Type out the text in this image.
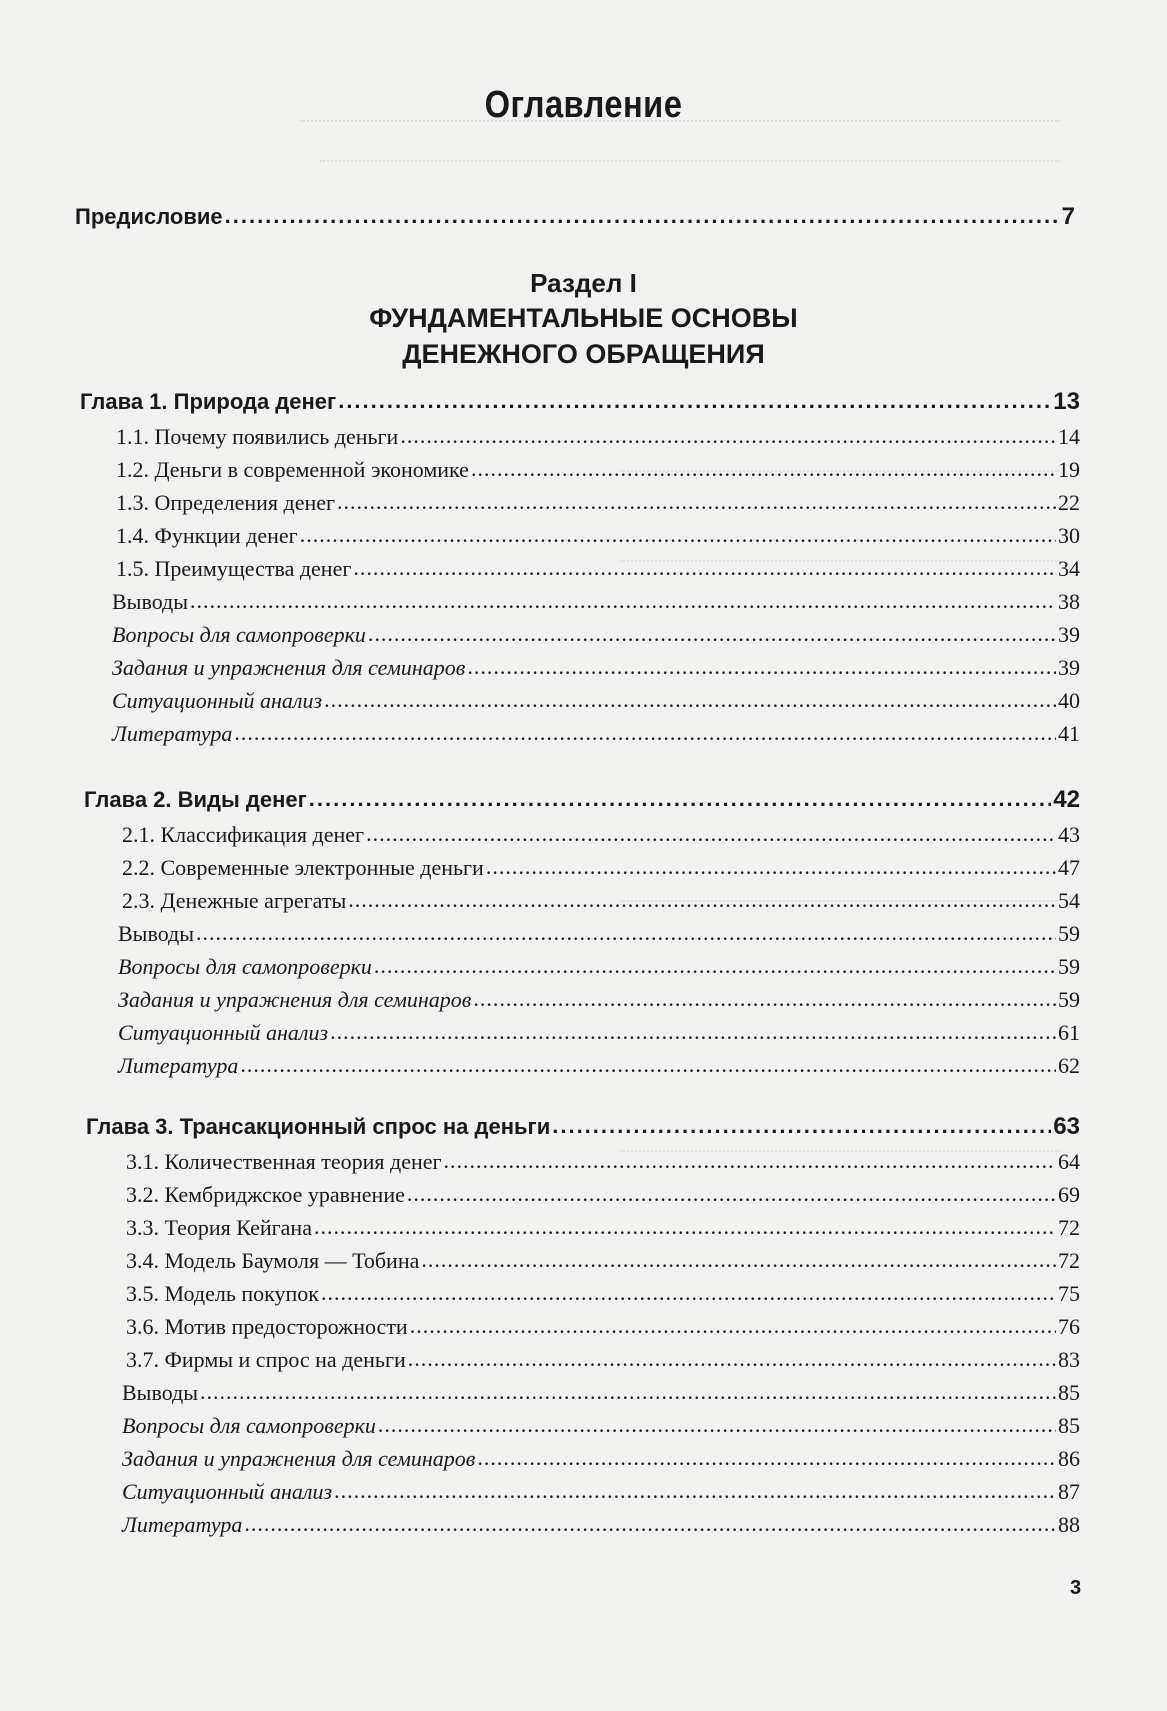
Оглавление
Предисловие .....	7
Раздел I
ФУНДАМЕНТАЛЬНЫЕ ОСНОВЫ
ДЕНЕЖНОГО ОБРАЩЕНИЯ
Глава 1. Природа денег .....	13
1.1. Почему появились деньги .....	14
1.2. Деньги в современной экономике .....	19
1.3. Определения денег .....	22
1.4. Функции денег .....	30
1.5. Преимущества денег .....	34
Выводы .....	38
Вопросы для самопроверки .....	39
Задания и упражнения для семинаров .....	39
Ситуационный анализ .....	40
Литература .....	41
Глава 2. Виды денег .....	42
2.1. Классификация денег .....	43
2.2. Современные электронные деньги .....	47
2.3. Денежные агрегаты .....	54
Выводы .....	59
Вопросы для самопроверки .....	59
Задания и упражнения для семинаров .....	59
Ситуационный анализ .....	61
Литература .....	62
Глава 3. Трансакционный спрос на деньги .....	63
3.1. Количественная теория денег .....	64
3.2. Кембриджское уравнение .....	69
3.3. Теория Кейгана .....	72
3.4. Модель Баумоля — Тобина .....	72
3.5. Модель покупок .....	75
3.6. Мотив предосторожности .....	76
3.7. Фирмы и спрос на деньги .....	83
Выводы .....	85
Вопросы для самопроверки .....	85
Задания и упражнения для семинаров .....	86
Ситуационный анализ .....	87
Литература .....	88
3
